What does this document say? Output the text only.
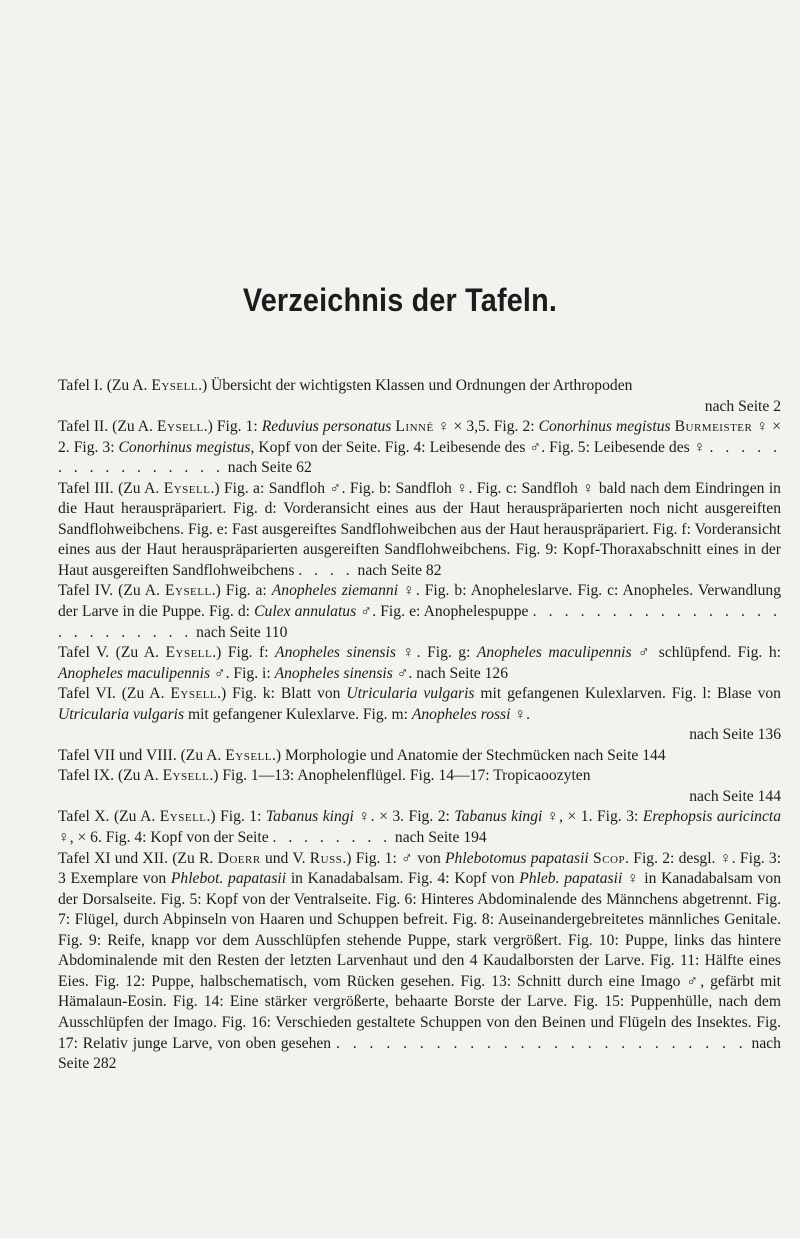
Verzeichnis der Tafeln.

Tafel I. (Zu A. Eysell.) Übersicht der wichtigsten Klassen und Ordnungen der Arthropoden
nach Seite 2

Tafel II. (Zu A. Eysell.) Fig. 1: Reduvius personatus Linné ♀ × 3,5. Fig. 2: Conorhinus megistus Burmeister ♀ × 2. Fig. 3: Conorhinus megistus, Kopf von der Seite. Fig. 4: Leibesende des ♂. Fig. 5: Leibesende des ♀ . . . . . . . . . . . . . . . . nach Seite 62

Tafel III. (Zu A. Eysell.) Fig. a: Sandfloh ♂. Fig. b: Sandfloh ♀. Fig. c: Sandfloh ♀ bald nach dem Eindringen in die Haut herauspräpariert. Fig. d: Vorderansicht eines aus der Haut herauspräparierten noch nicht ausgereiften Sandflohweibchens. Fig. e: Fast ausgereiftes Sandflohweibchen aus der Haut herauspräpariert. Fig. f: Vorderansicht eines aus der Haut herauspräparierten ausgereiften Sandflohweibchens. Fig. 9: Kopf-Thoraxabschnitt eines in der Haut ausgereiften Sandflohweibchens . . . . nach Seite 82

Tafel IV. (Zu A. Eysell.) Fig. a: Anopheles ziemanni ♀. Fig. b: Anopheleslarve. Fig. c: Anopheles. Verwandlung der Larve in die Puppe. Fig. d: Culex annulatus ♂. Fig. e: Anophelespuppe . . . . . . . . . . . . . . . . . . . . . . . . . nach Seite 110

Tafel V. (Zu A. Eysell.) Fig. f: Anopheles sinensis ♀. Fig. g: Anopheles maculipennis ♂ schlüpfend. Fig. h: Anopheles maculipennis ♂. Fig. i: Anopheles sinensis ♂. nach Seite 126

Tafel VI. (Zu A. Eysell.) Fig. k: Blatt von Utricularia vulgaris mit gefangenen Kulexlarven. Fig. l: Blase von Utricularia vulgaris mit gefangener Kulexlarve. Fig. m: Anopheles rossi ♀.
nach Seite 136

Tafel VII und VIII. (Zu A. Eysell.) Morphologie und Anatomie der Stechmücken nach Seite 144

Tafel IX. (Zu A. Eysell.) Fig. 1—13: Anophelenflügel. Fig. 14—17: Tropicaoozyten
nach Seite 144

Tafel X. (Zu A. Eysell.) Fig. 1: Tabanus kingi ♀. × 3. Fig. 2: Tabanus kingi ♀, × 1. Fig. 3: Erephopsis auricincta ♀, × 6. Fig. 4: Kopf von der Seite . . . . . . . . nach Seite 194

Tafel XI und XII. (Zu R. Doerr und V. Russ.) Fig. 1: ♂ von Phlebotomus papatasii Scop. Fig. 2: desgl. ♀. Fig. 3: 3 Exemplare von Phlebot. papatasii in Kanadabalsam. Fig. 4: Kopf von Phleb. papatasii ♀ in Kanadabalsam von der Dorsalseite. Fig. 5: Kopf von der Ventralseite. Fig. 6: Hinteres Abdominalende des Männchens abgetrennt. Fig. 7: Flügel, durch Abpinseln von Haaren und Schuppen befreit. Fig. 8: Auseinandergebreitetes männliches Genitale. Fig. 9: Reife, knapp vor dem Ausschlüpfen stehende Puppe, stark vergrößert. Fig. 10: Puppe, links das hintere Abdominalende mit den Resten der letzten Larvenhaut und den 4 Kaudalborsten der Larve. Fig. 11: Hälfte eines Eies. Fig. 12: Puppe, halbschematisch, vom Rücken gesehen. Fig. 13: Schnitt durch eine Imago ♂, gefärbt mit Hämalaun-Eosin. Fig. 14: Eine stärker vergrößerte, behaarte Borste der Larve. Fig. 15: Puppenhülle, nach dem Ausschlüpfen der Imago. Fig. 16: Verschieden gestaltete Schuppen von den Beinen und Flügeln des Insektes. Fig. 17: Relativ junge Larve, von oben gesehen . . . . . . . . . . . . . . . . . . . . . . . . . nach Seite 282
